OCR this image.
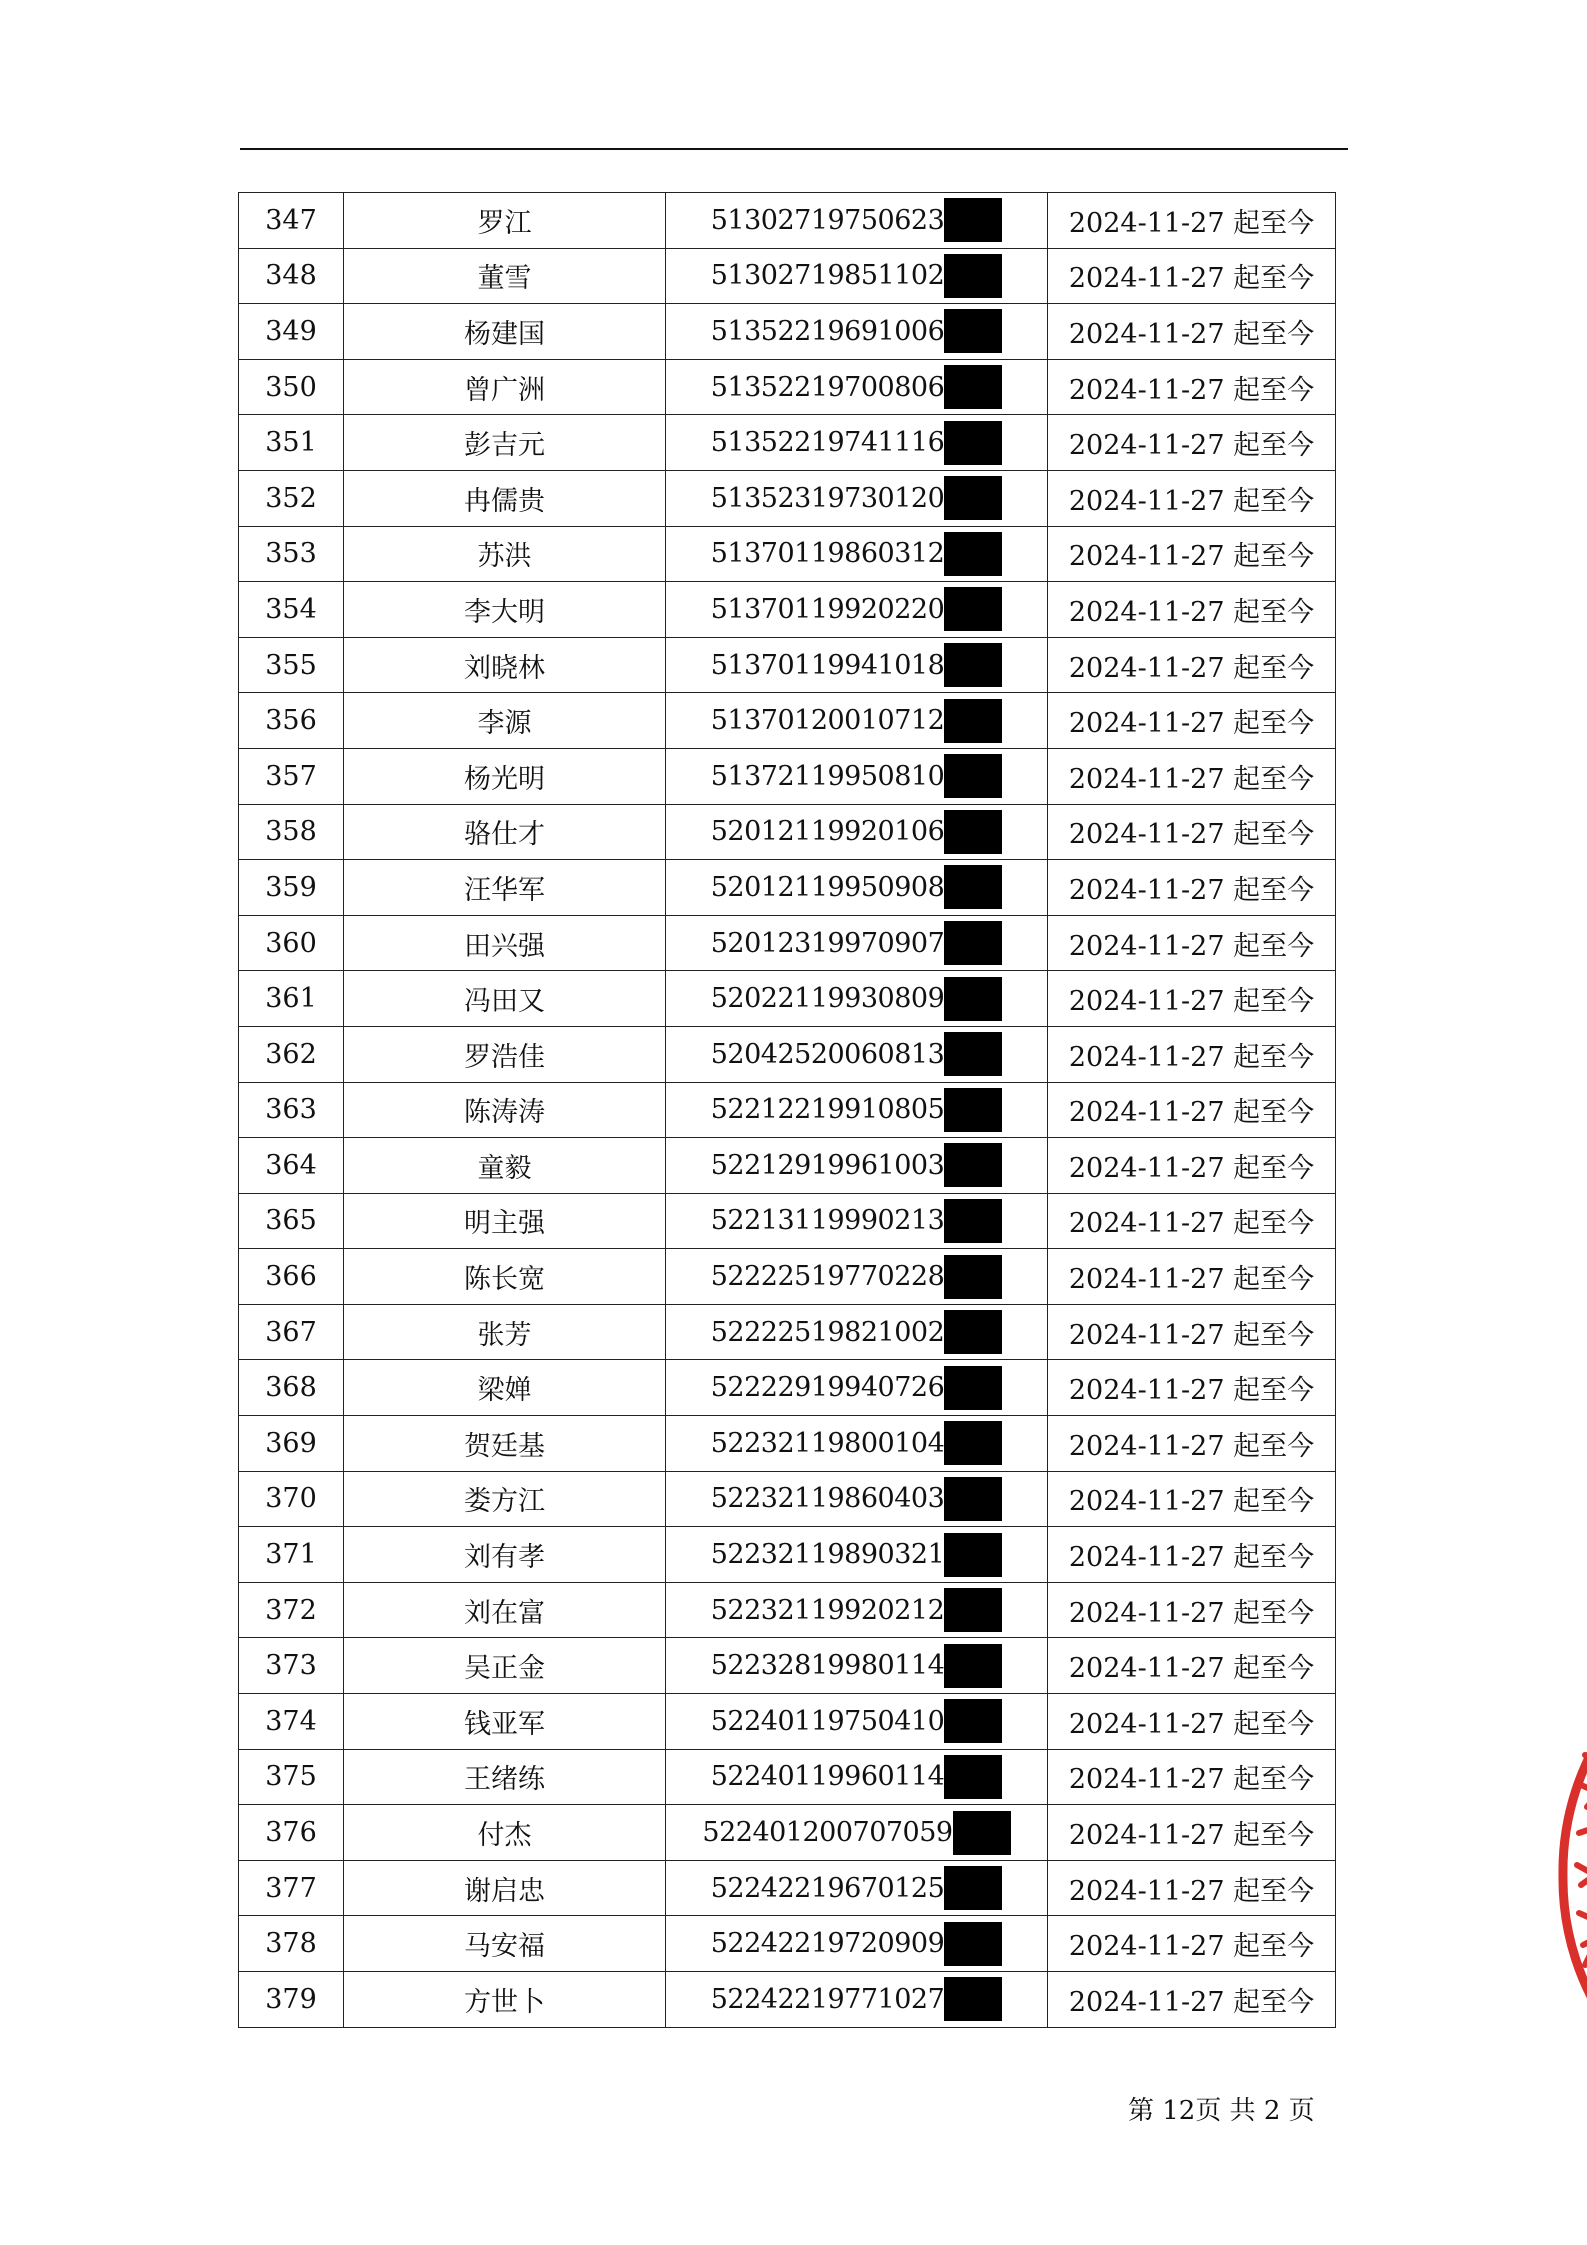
347	罗江	51302719750623	2024-11-27 起至今
348	董雪	51302719851102	2024-11-27 起至今
349	杨建国	51352219691006	2024-11-27 起至今
350	曾广洲	51352219700806	2024-11-27 起至今
351	彭吉元	51352219741116	2024-11-27 起至今
352	冉儒贵	51352319730120	2024-11-27 起至今
353	苏洪	51370119860312	2024-11-27 起至今
354	李大明	51370119920220	2024-11-27 起至今
355	刘晓林	51370119941018	2024-11-27 起至今
356	李源	51370120010712	2024-11-27 起至今
357	杨光明	51372119950810	2024-11-27 起至今
358	骆仕才	52012119920106	2024-11-27 起至今
359	汪华军	52012119950908	2024-11-27 起至今
360	田兴强	52012319970907	2024-11-27 起至今
361	冯田又	52022119930809	2024-11-27 起至今
362	罗浩佳	52042520060813	2024-11-27 起至今
363	陈涛涛	52212219910805	2024-11-27 起至今
364	童毅	52212919961003	2024-11-27 起至今
365	明主强	52213119990213	2024-11-27 起至今
366	陈长宽	52222519770228	2024-11-27 起至今
367	张芳	52222519821002	2024-11-27 起至今
368	梁婵	52222919940726	2024-11-27 起至今
369	贺廷基	52232119800104	2024-11-27 起至今
370	娄方江	52232119860403	2024-11-27 起至今
371	刘有孝	52232119890321	2024-11-27 起至今
372	刘在富	52232119920212	2024-11-27 起至今
373	吴正金	52232819980114	2024-11-27 起至今
374	钱亚军	52240119750410	2024-11-27 起至今
375	王绪练	52240119960114	2024-11-27 起至今
376	付杰	522401200707059	2024-11-27 起至今
377	谢启忠	52242219670125	2024-11-27 起至今
378	马安福	52242219720909	2024-11-27 起至今
379	方世卜	52242219771027	2024-11-27 起至今
第 12页 共 2 页
